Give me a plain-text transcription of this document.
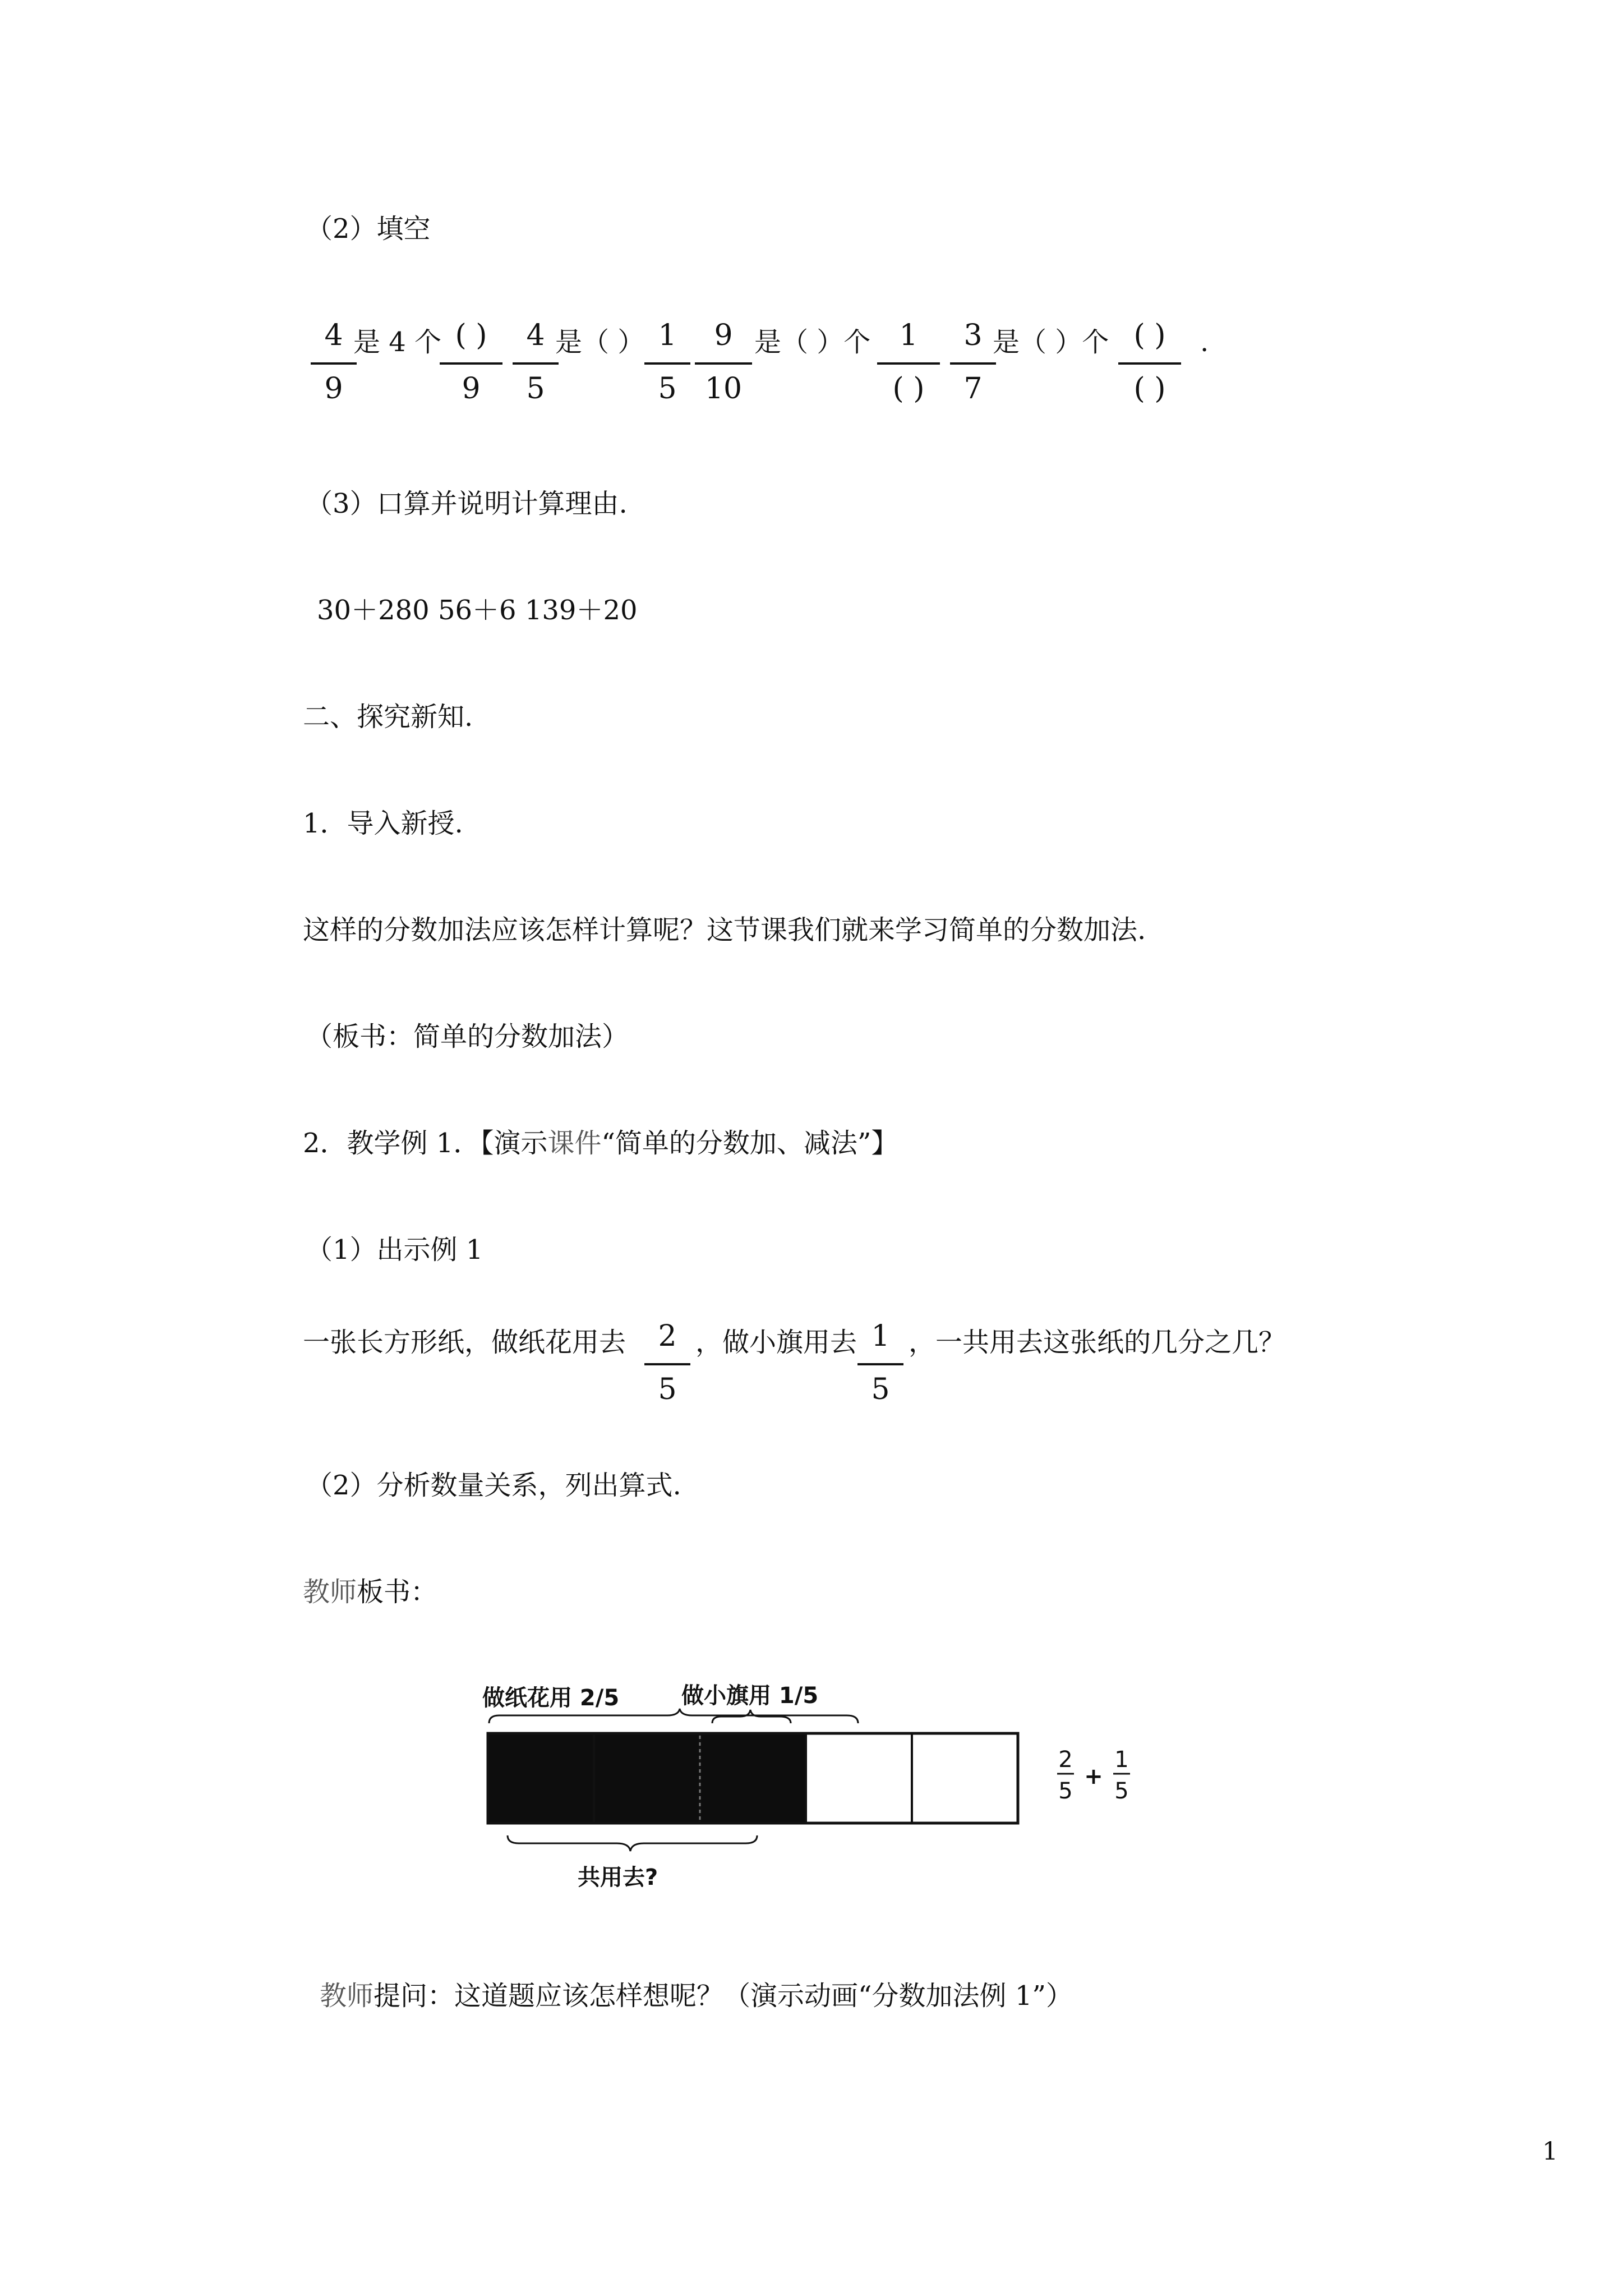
（2）填空
4
9
是 4 个 ( )
9
4
5
是（ ） 1
5
9
10
是（ ）个 1
( )
3
7
是（ ）个 ( )
( )
.
（3）口算并说明计算理由.
30＋280 56＋6 139＋20
二、探究新知.
1．导入新授.
这样的分数加法应该怎样计算呢？这节课我们就来学习简单的分数加法.
（板书：简单的分数加法）
2．教学例 1．【演示课件“简单的分数加、减法”】
（1）出示例 1
一张长方形纸，做纸花用去	2
5
，做小旗用去 1
5
，一共用去这张纸的几分之几？
（2）分析数量关系，列出算式.
教师板书：
做纸花用 2/5	做小旗用 1/5
共用去?
2
5
+
1
5
教师提问：这道题应该怎样想呢？（演示动画“分数加法例 1”）
1
